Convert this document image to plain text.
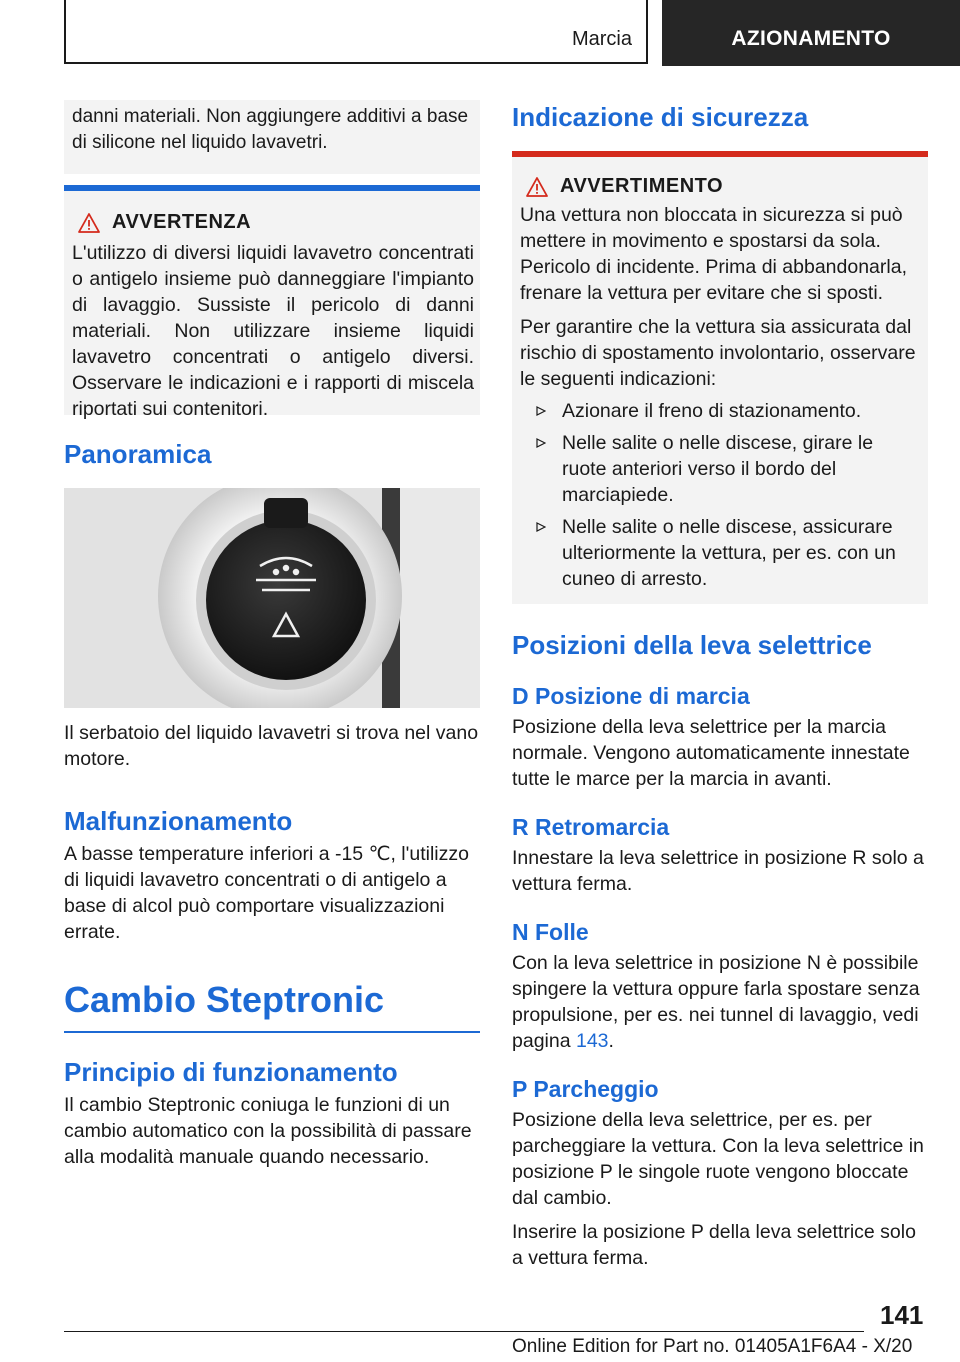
Marcia	AZIONAMENTO

danni materiali. Non aggiungere additivi a base di silicone nel liquido lavavetri.

AVVERTENZA

L'utilizzo di diversi liquidi lavavetro concentrati o antigelo insieme può danneggiare l'impianto di lavaggio. Sussiste il pericolo di danni materiali. Non utilizzare insieme liquidi lavavetro concentrati o antigelo diversi. Osservare le indicazioni e i rapporti di miscela riportati sui contenitori.

Panoramica

Il serbatoio del liquido lavavetri si trova nel vano motore.

Malfunzionamento

A basse temperature inferiori a -15 ℃, l'utilizzo di liquidi lavavetro concentrati o di antigelo a base di alcol può comportare visualizzazioni errate.

Cambio Steptronic
Principio di funzionamento

Il cambio Steptronic coniuga le funzioni di un cambio automatico con la possibilità di passare alla modalità manuale quando necessario.

Indicazione di sicurezza
AVVERTIMENTO

Una vettura non bloccata in sicurezza si può mettere in movimento e spostarsi da sola. Pericolo di incidente. Prima di abbandonarla, frenare la vettura per evitare che si sposti.

Per garantire che la vettura sia assicurata dal rischio di spostamento involontario, osservare le seguenti indicazioni:

Azionare il freno di stazionamento.
Nelle salite o nelle discese, girare le ruote anteriori verso il bordo del marciapiede.
Nelle salite o nelle discese, assicurare ulteriormente la vettura, per es. con un cuneo di arresto.
Posizioni della leva selettrice
D Posizione di marcia

Posizione della leva selettrice per la marcia normale. Vengono automaticamente innestate tutte le marce per la marcia in avanti.

R Retromarcia

Innestare la leva selettrice in posizione R solo a vettura ferma.

N Folle

Con la leva selettrice in posizione N è possibile spingere la vettura oppure farla spostare senza propulsione, per es. nei tunnel di lavaggio, vedi pagina 143.

P Parcheggio

Posizione della leva selettrice, per es. per parcheggiare la vettura. Con la leva selettrice in posizione P le singole ruote vengono bloccate dal cambio.

Inserire la posizione P della leva selettrice solo a vettura ferma.

141
Online Edition for Part no. 01405A1F6A4 - X/20
